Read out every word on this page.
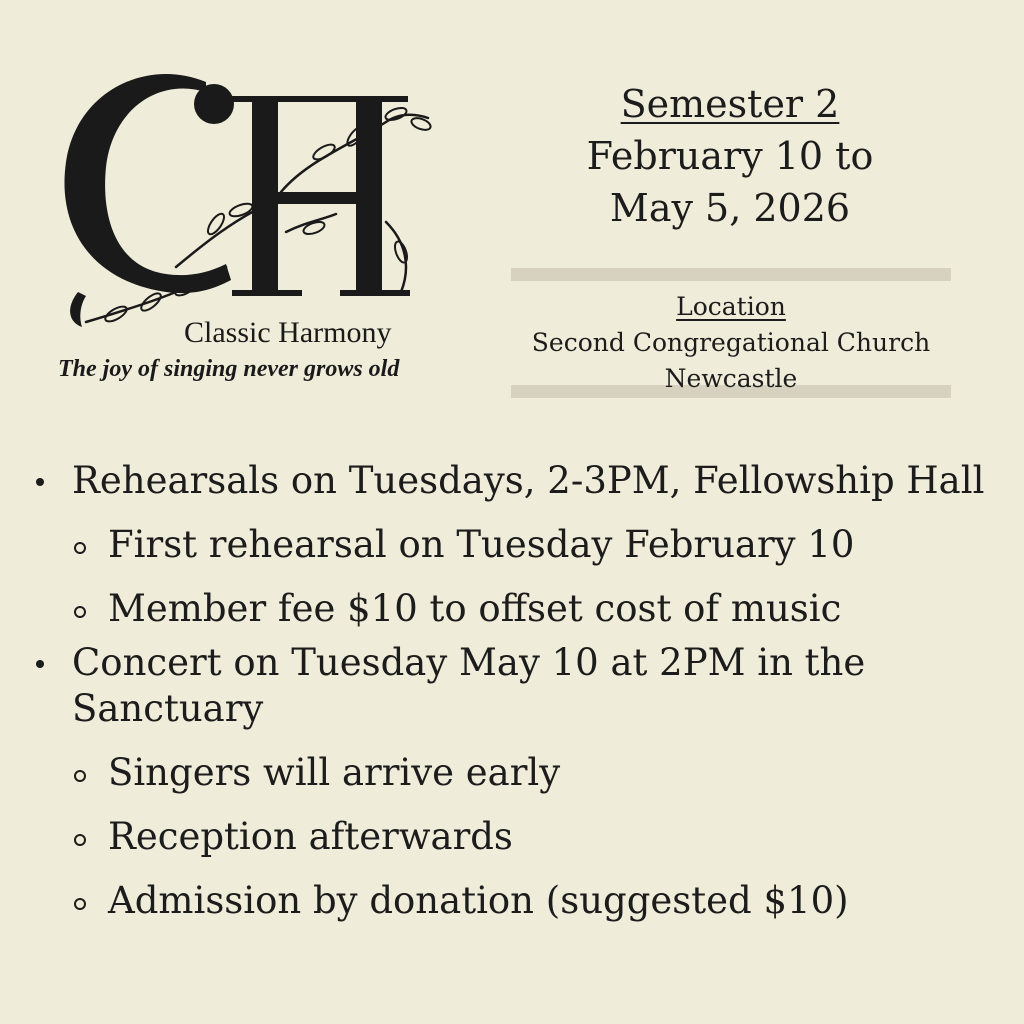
Classic Harmony
The joy of singing never grows old
Semester 2
February 10 to
May 5, 2026
Location
Second Congregational Church
Newcastle
Rehearsals on Tuesdays, 2-3PM, Fellowship Hall
First rehearsal on Tuesday February 10
Member fee $10 to offset cost of music
Concert on Tuesday May 10 at 2PM in the Sanctuary
Singers will arrive early
Reception afterwards
Admission by donation (suggested $10)
